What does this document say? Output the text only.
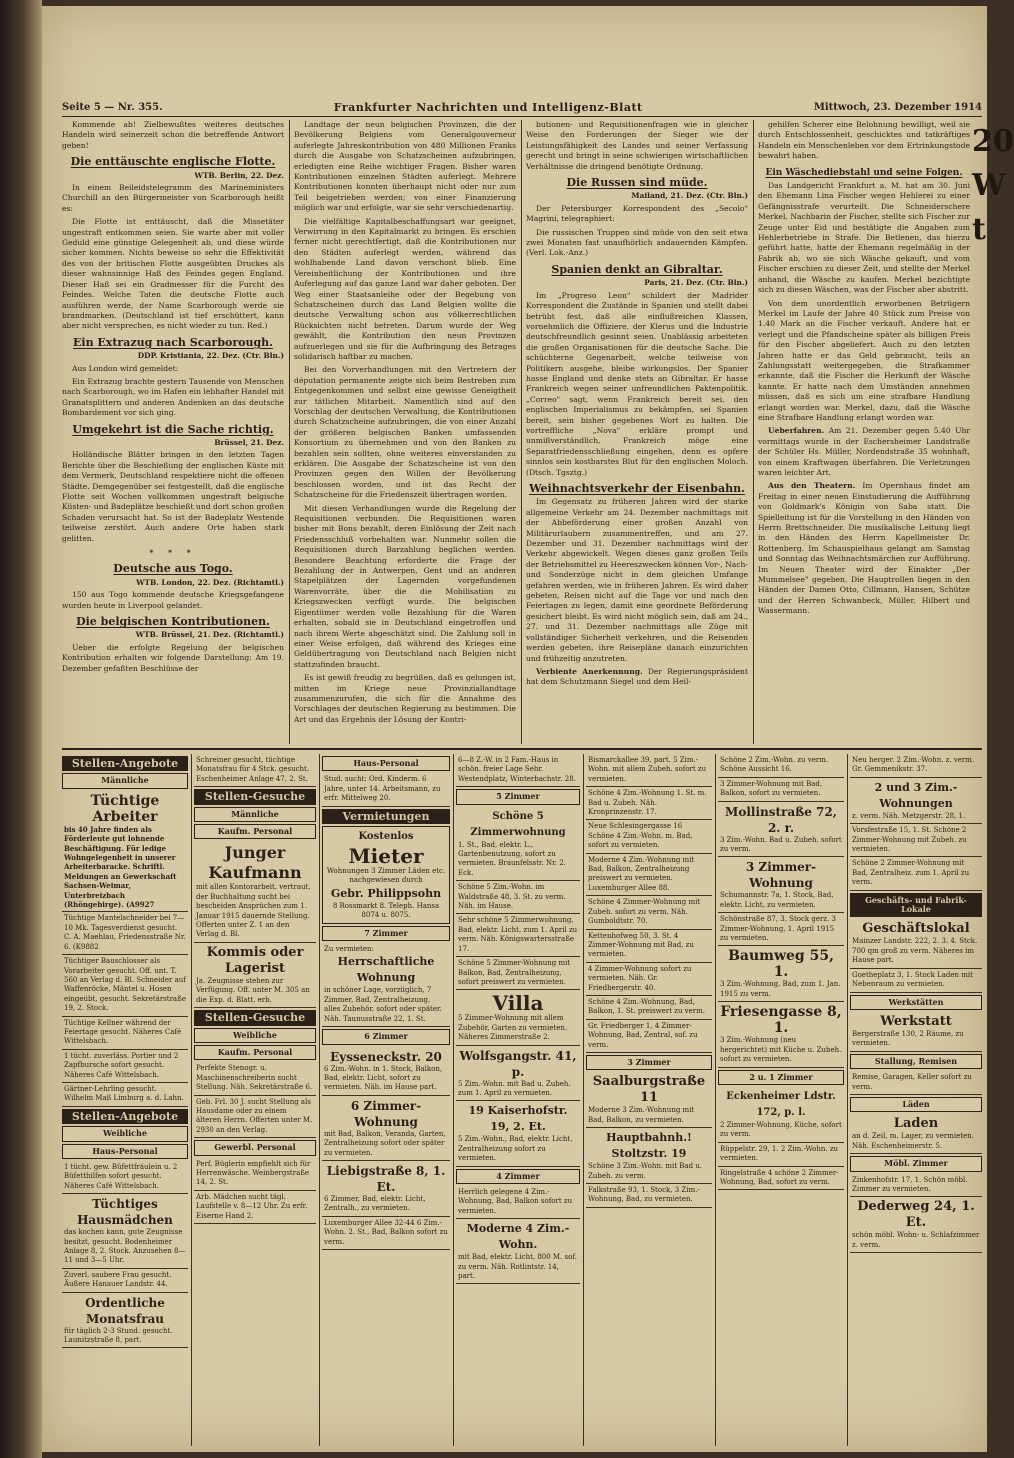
Seite 5 — Nr. 355.	Frankfurter Nachrichten und Intelligenz-Blatt	Mittwoch, 23. Dezember 1914

Kommende ab! Zielbewußtes weiteres deutsches Handeln wird seinerzeit schon die betreffende Antwort geben!

Die enttäuschte englische Flotte.
WTB. Berlin, 22. Dez.

In einem Beileidstelegramm des Marineministers Churchill an den Bürgermeister von Scarborough heißt es:

Die Flotte ist enttäuscht, daß die Missetäter ungestraft entkommen seien. Sie warte aber mit voller Geduld eine günstige Gelegenheit ab, und diese würde sicher kommen. Nichts beweise so sehr die Effektivität des von der britischen Flotte ausgeübten Druckes als dieser wahnsinnige Haß des Feindes gegen England. Dieser Haß sei ein Gradmesser für die Furcht des Feindes. Welche Taten die deutsche Flotte auch ausführen werde, der Name Scarborough werde sie brandmarken. (Deutschland ist tief erschüttert, kann aber nicht versprechen, es nicht wieder zu tun. Red.)

Ein Extrazug nach Scarborough.
DDP. Kristiania, 22. Dez. (Ctr. Bln.)

Aus London wird gemeldet:

Ein Extrazug brachte gestern Tausende von Menschen nach Scarborough, wo im Hafen ein lebhafter Handel mit Granatsplittern und anderen Andenken an das deutsche Bombardement vor sich ging.

Umgekehrt ist die Sache richtig.
Brüssel, 21. Dez.

Holländische Blätter bringen in den letzten Tagen Berichte über die Beschießung der englischen Küste mit dem Vermerk, Deutschland respektiere nicht die offenen Städte. Demgegenüber sei festgestellt, daß die englische Flotte seit Wochen vollkommen ungestraft belgische Küsten- und Badeplätze beschießt und dort schon großen Schaden verursacht hat. So ist der Badeplatz Westende teilweise zerstört. Auch andere Orte haben stark gelitten.

* * *
Deutsche aus Togo.
WTB. London, 22. Dez. (Richtamtl.)

150 aus Togo kommende deutsche Kriegsgefangene wurden heute in Liverpool gelandet.

Die belgischen Kontributionen.
WTB. Brüssel, 21. Dez. (Richtamtl.)

Ueber die erfolgte Regelung der belgischen Kontribution erhalten wir folgende Darstellung: Am 19. Dezember gefaßten Beschlüsse der

Landtage der neun belgischen Provinzen, die der Bevölkerung Belgiens vom Generalgouverneur auferlegte Jahreskontribution von 480 Millionen Franks durch die Ausgabe von Schatzscheinen aufzubringen, erledigten eine Reihe wichtiger Fragen. Bisher waren Kontributionen einzelnen Städten auferlegt. Mehrere Kontributionen konnten überhaupt nicht oder nur zum Teil beigetrieben werden; von einer Finanzierung möglich war und erfolgte, war sie sehr verschiedenartig.

Die vielfältige Kapitalbeschaffungsart war geeignet, Verwirrung in den Kapitalmarkt zu bringen. Es erschien ferner nicht gerechtfertigt, daß die Kontributionen nur den Städten auferlegt werden, während das wohlhabende Land davon verschont blieb. Eine Vereinheitlichung der Kontributionen und ihre Auferlegung auf das ganze Land war daher geboten. Der Weg einer Staatsanleihe oder der Begebung von Schatzscheinen durch das Land Belgien wollte die deutsche Verwaltung schon aus völkerrechtlichen Rücksichten nicht betreten. Darum wurde der Weg gewählt, die Kontribution den neun Provinzen aufzuerlegen und sie für die Aufbringung des Betrages solidarisch haftbar zu machen.

Bei den Vorverhandlungen mit den Vertretern der députation permanente zeigte sich beim Bestreben zum Entgegenkommen und selbst eine gewisse Geneigtheit zur tätlichen Mitarbeit. Namentlich sind auf den Vorschlag der deutschen Verwaltung, die Kontributionen durch Schatzscheine aufzubringen, die von einer Anzahl der größeren belgischen Banken umfassenden Konsortium zu übernehmen und von den Banken zu bezahlen sein sollten, ohne weiteres einverstanden zu erklären. Die Ausgabe der Schatzscheine ist von den Provinzen gegen den Willen der Bevölkerung beschlossen worden, und ist das Recht der Schatzscheine für die Friedenszeit übertragen worden.

Mit diesen Verhandlungen wurde die Regelung der Requisitionen verbunden. Die Requisitionen waren bisher mit Bons bezahlt, deren Einlösung der Zeit nach Friedensschluß vorbehalten war. Nunmehr sollen die Requisitionen durch Barzahlung beglichen werden. Besondere Beachtung erforderte die Frage der Bezahlung der in Antwerpen, Gent und an anderen Stapelplätzen der Lagernden vorgefundenen Warenvorräte, über die die Mobilisation zu Kriegszwecken verfügt wurde. Die belgischen Eigentümer werden volle Bezahlung für die Waren erhalten, sobald sie in Deutschland eingetroffen und nach ihrem Werte abgeschätzt sind. Die Zahlung soll in einer Weise erfolgen, daß während des Krieges eine Geldübertragung von Deutschland nach Belgien nicht stattzufinden braucht.

Es ist gewiß freudig zu begrüßen, daß es gelungen ist, mitten im Kriege neue Provinziallandtage zusammenzurufen, die sich für die Annahme des Vorschlages der deutschen Regierung zu bestimmen. Die Art und das Ergebnis der Lösung der Kontri-

butionen- und Requisitionenfragen wie in gleicher Weise den Forderungen der Sieger wie der Leistungsfähigkeit des Landes und seiner Verfassung gerecht und bringt in seine schwierigen wirtschaftlichen Verhältnisse die dringend benötigte Ordnung.

Die Russen sind müde.
Mailand, 21. Dez. (Ctr. Bln.)

Der Petersburger Korrespondent des „Secolo" Magrini, telegraphiert:

Die russischen Truppen sind müde von den seit etwa zwei Monaten fast unaufhörlich andauernden Kämpfen. (Verl. Lok.-Anz.)

Spanien denkt an Gibraltar.
Paris, 21. Dez. (Ctr. Bln.)

Im „Progreso Leon" schildert der Madrider Korrespondent die Zustände in Spanien und stellt dabei betrübt fest, daß alle einflußreichen Klassen, vornehmlich die Offiziere, der Klerus und die Industrie deutschfreundlich gesinnt seien. Unablässig arbeiteten die großen Organisationen für die deutsche Sache. Die schüchterne Gegenarbeit, welche teilweise von Politikern ausgehe, bleibe wirkungslos. Der Spanier hasse England und denke stets an Gibraltar. Er hasse Frankreich wegen seiner unfreundlichen Paktenpolitik. „Correo" sagt, wenn Frankreich bereit sei, den englischen Imperialismus zu bekämpfen, sei Spanien bereit, sein bisher gegebenes Wort zu halten. Die vortreffliche „Nova" erkläre prompt und unmißverständlich, Frankreich möge eine Separatfriedensschließung eingehen, denn es opfere sinnlos sein kostbarstes Blut für den englischen Moloch. (Dtsch. Tgsztg.)

Weihnachtsverkehr der Eisenbahn.

Im Gegensatz zu früheren Jahren wird der starke allgemeine Verkehr am 24. Dezember nachmittags mit der Abbeförderung einer großen Anzahl von Militärurlaubern zusammentreffen, und am 27. Dezember und 31. Dezember nachmittags wird der Verkehr abgewickelt. Wegen dieses ganz großen Teils der Betriebsmittel zu Heereszwecken können Vor-, Nach- und Sonderzüge nicht in dem gleichen Umfange gefahren werden, wie in früheren Jahren. Es wird daher gebeten, Reisen nicht auf die Tage vor und nach den Feiertagen zu legen, damit eine geordnete Beförderung gesichert bleibt. Es wird nicht möglich sein, daß am 24., 27. und 31. Dezember nachmittags alle Züge mit vollständiger Sicherheit verkehren, und die Reisenden werden gebeten, ihre Reisepläne danach einzurichten und frühzeitig anzutreten.

Verbiente Anerkennung. Der Regierungspräsident hat dem Schutzmann Siegel und dem Heil-

gehilfen Scherer eine Belohnung bewilligt, weil sie durch Entschlossenheit, geschicktes und tatkräftiges Handeln ein Menschenleben vor dem Ertrinkungstode bewahrt haben.

Ein Wäschediebstahl und seine Folgen.

Das Landgericht Frankfurt a. M. hat am 30. Juni den Ehemann Lina Fischer wegen Hehlerei zu einer Gefängnisstrafe verurteilt. Die Schneiderschere Merkel, Nachbarin der Fischer, stellte sich Fischer zur Zeuge unter Eid und bestätigte die Angaben zum Hehlerbetriebe in Strafe. Die Betlenen, das hierzu geführt hatte, hatte der Ehemann regelmäßig in der Fabrik ab, wo sie sich Wäsche gekauft, und vom Fischer erschien zu dieser Zeit, und stellte der Merkel anhand, die Wäsche zu kaufen. Merkel bezichtigte sich zu diesen Wäschen, was der Fischer aber abstritt.

Von dem unordentlich erworbenen Betrügern Merkel im Laufe der Jahre 40 Stück zum Preise von 1.40 Mark an die Fischer verkauft. Andere hat er verlegt und die Pfandscheine später als billigen Preis für den Fischer abgeliefert. Auch zu den letzten Jahren hatte er das Geld gebraucht, teils an Zahlungsstatt weitergegeben, die Strafkammer erkannte, daß die Fischer die Herkunft der Wäsche kannte. Er hatte nach dem Umständen annehmen müssen, daß es sich um eine strafbare Handlung erlangt worden war. Merkel, dazu, daß die Wäsche eine Strafbare Handlung erlangt worden war.

Ueberfahren. Am 21. Dezember gegen 5.40 Uhr vormittags wurde in der Eschersheimer Landstraße der Schüler Hs. Müller, Nordendstraße 35 wohnhaft, von einem Kraftwagen überfahren. Die Verletzungen waren leichter Art.

Aus den Theatern. Im Opernhaus findet am Freitag in einer neuen Einstudierung die Aufführung von Goldmark's Königin von Saba statt. Die Spielleitung ist für die Vorstellung in den Händen von Herrn Brettschneider. Die musikalische Leitung liegt in den Händen des Herrn Kapellmeister Dr. Rottenberg. Im Schauspielhaus gelangt am Samstag und Sonntag das Weihnachtsmärchen zur Aufführung. Im Neuen Theater wird der Einakter „Der Mummelsee" gegeben. Die Hauptrollen liegen in den Händen der Damen Otto, Cillmann, Hansen, Schütze und der Herren Schwanbeck, Müller, Hilbert und Wassermann.

20 W t
Stellen-Angebote
Männliche
Tüchtige Arbeiter

bis 40 Jahre finden als Förderleute gut lohnende Beschäftigung. Für ledige Wohngelegenheit in unserer Arbeiterbaracke. Schriftl. Meldungen an Gewerkschaft Sachsen-Weimar, Unterbreizbach (Rhöngebirge). (A9927

Tüchtige Mantelschneider bei 7—10 Mk. Tagesverdienst gesucht. C. A. Maehlau, Friedensstraße Nr. 6. (K9882

Tüchtiger Bauschlosser als Vorarbeiter gesucht. Off. unt. T. 560 an Verlag d. Bl. Schneider auf Waffenröcke, Mäntel u. Hosen eingeübt, gesucht. Sekretärstraße 19, 2. Stock.

Tüchtige Kellner während der Feiertage gesucht. Näheres Café Wittelsbach.

1 tücht. zuverläss. Portier und 2 Zapfbursche sofort gesucht. Näheres Café Wittelsbach.

Gärtner-Lehrling gesucht. Wilhelm Maß Limburg a. d. Lahn.

Stellen-Angebote
Weibliche
Haus-Personal

1 tücht. gew. Büfettfräulein u. 2 Büfetthilfen sofort gesucht. Näheres Café Wittelsbach.

Tüchtiges Hausmädchen

das kochen kann, gute Zeugnisse besitzt, gesucht. Bodenheimer Anlage 8, 2. Stock. Anzusehen 8—11 und 3—5 Uhr.

Zuverl. saubere Frau gesucht. Äußere Hanauer Landstr. 44.

Ordentliche Monatsfrau

für täglich 2-3 Stund. gesucht. Launitzstraße 8, part.

Schreiner gesucht, tüchtige Monatsfrau für 4 Stck. gesucht. Eschenheimer Anlage 47, 2. St.

Stellen-Gesuche
Männliche
Kaufm. Personal
Junger Kaufmann

mit allen Kontorarbeit. vertraut, der Buchhaltung sucht bei bescheiden Ansprüchen zum 1. Januar 1915 dauernde Stellung. Offerten unter Z. 1 an den Verlag d. Bl.

Kommis oder Lagerist

Ja. Zeugnisse stehen zur Verfügung. Off. unter M. 305 an die Exp. d. Blatt. erb.

Stellen-Gesuche
Weibliche
Kaufm. Personal

Perfekte Stenogr. u. Maschinenschreiberin sucht Stellung. Näh. Sekretärstraße 6.

Geb. Frl. 30 J. sucht Stellung als Hausdame oder zu einem älteren Herrn. Offerten unter M. 2930 an den Verlag.

Gewerbl. Personal

Perf. Büglerin empfiehlt sich für Herrenwäsche. Weinbergstraße 14, 2. St.

Arb. Mädchen sucht tägl. Laufstelle v. 8—12 Uhr. Zu erfr. Eiserne Hand 2.

Haus-Personal

Stud. sucht: Ord. Kinderm. 6 Jahre, unter 14. Arbeitsmann, zu erfr. Mittelweg 20.

Vermietungen
Kostenlos
Mieter

Wohnungen 3 Zimmer Läden etc. nachgewiesen durch

Gebr. Philippsohn

8 Rossmarkt 8. Teleph. Hansa 8074 u. 8075.

7 Zimmer

Zu vermieten:

Herrschaftliche Wohnung

in schöner Lage, vorzüglich, 7 Zimmer, Bad, Zentralheizung, alles Zubehör, sofort oder später. Näh. Taunusstraße 22, 1. St.

6 Zimmer
Eysseneckstr. 20

6 Zim.-Wohn. in 1. Stock, Balkon, Bad, elektr. Licht, sofort zu vermieten. Näh. im Hause part.

6 Zimmer-Wohnung

mit Bad, Balkon, Veranda, Garten, Zentralheizung sofort oder später zu vermieten.

Liebigstraße 8, 1. Et.

6 Zimmer, Bad, elektr. Licht, Zentralh., zu vermieten.

Luxemburger Allee 32-44 6 Zim.-Wohn. 2. St., Bad, Balkon sofort zu verm.

6—8 Z.-W. in 2 Fam.-Haus in schön. freier Lage Sehr. Westendplatz, Winterbachstr. 28.

5 Zimmer
Schöne 5 Zimmerwohnung

1. St., Bad, elektr. L., Gartenbenutzung, sofort zu vermieten. Braunfelsstr. Nr. 2. Eck.

Schöne 5 Zim.-Wohn. im Waldstraße 48, 3. St. zu verm. Näh. im Hause.

Sehr schöne 5 Zimmerwohnung, Bad, elektr. Licht, zum 1. April zu verm. Näh. Königswartersstraße 17.

Schöne 5 Zimmer-Wohnung mit Balkon, Bad, Zentralheizung, sofort preiswert zu vermieten.

Villa

5 Zimmer-Wohnung mit allem Zubehör, Garten zu vermieten. Näheres Zimmerstraße 2.

Wolfsgangstr. 41, p.

5 Zim.-Wohn. mit Bad u. Zubeh. zum 1. April zu vermieten.

19 Kaiserhofstr. 19, 2. Et.

5 Zim.-Wohn., Bad, elektr. Licht, Zentralheizung sofort zu vermieten.

4 Zimmer

Herrlich gelegene 4 Zim.-Wohnung, Bad, Balkon sofort zu vermieten.

Moderne 4 Zim.-Wohn.

mit Bad, elektr. Licht, 800 M. sof. zu verm. Näh. Rotlintstr. 14, part.

Bismarckallee 39, part. 5 Zim.-Wohn. mit allem Zubeh. sofort zu vermieten.

Schöne 4 Zim.-Wohnung 1. St. m. Bad u. Zubeh. Näh. Kronprinzenstr. 17.

Neue Schlesingergasse 16 Schöne 4 Zim.-Wohn. m. Bad, sofort zu vermieten.

Moderne 4 Zim.-Wohnung mit Bad, Balkon, Zentralheizung preiswert zu vermieten. Luxemburger Allee 88.

Schöne 4 Zimmer-Wohnung mit Zubeh. sofort zu verm. Näh. Gumboldtstr. 70.

Kettenhofweg 50, 3. St. 4 Zimmer-Wohnung mit Bad, zu vermieten.

4 Zimmer-Wohnung sofort zu vermieten. Näh. Gr. Friedbergerstr. 40.

Schöne 4 Zim.-Wohnung, Bad, Balkon, 1. St. preiswert zu verm.

Gr. Friedberger 1, 4 Zimmer-Wohnung, Bad, Zentral, sof. zu verm.

3 Zimmer
Saalburgstraße 11

Moderne 3 Zim.-Wohnung mit Bad, Balkon, zu vermieten.

Hauptbahnh.! Stoltzstr. 19

Schöne 3 Zim.-Wohn. mit Bad u. Zubeh. zu verm.

Falkstraße 93, 1. Stock, 3 Zim.-Wohnung, Bad, zu vermieten.

Schöne 2 Zim.-Wohn. zu verm. Schöne Aussicht 16.

3 Zimmer-Wohnung mit Bad, Balkon, sofort zu vermieten.

Mollinstraße 72, 2. r.

3 Zim.-Wohn. Bad u. Zubeh. sofort zu verm.

3 Zimmer-Wohnung

Schumannstr. 7a, 1. Stock, Bad, elektr. Licht, zu vermieten.

Schönstraße 87, 3. Stock gerz. 3 Zimmer-Wohnung, 1. April 1915 zu vermieten.

Baumweg 55, 1.

3 Zim.-Wohnung, Bad, zum 1. Jan. 1915 zu verm.

Friesengasse 8, 1.

3 Zim.-Wohnung (neu hergerichtet) mit Küche u. Zubeh. sofort zu vermieten.

2 u. 1 Zimmer
Eckenheimer Ldstr. 172, p. l.

2 Zimmer-Wohnung, Küche, sofort zu verm.

Rüppelstr. 29, 1. 2 Zim.-Wohn. zu vermieten.

Ringelstraße 4 schöne 2 Zimmer-Wohnung, Bad, sofort zu verm.

Neu herger. 2 Zim.-Wohn. z. verm. Gr. Gemmenikstr. 37.

2 und 3 Zim.-Wohnungen

z. verm. Näh. Metzgerstr. 28, 1.

Vorsfestraße 15, 1. St. Schöne 2 Zimmer-Wohnung mit Zubeh. zu vermieten.

Schöne 2 Zimmer-Wohnung mit Bad, Zentralheiz. zum 1. April zu verm.

Geschäfts- und Fabrik-Lokale
Geschäftslokal

Mainzer Landstr. 222, 2. 3. 4. Stck. 700 qm groß zu verm. Näheres im Hause part.

Goetheplatz 3, 1. Stock Laden mit Nebenraum zu vermieten.

Werkstätten
Werkstatt

Bergerstraße 130, 2 Räume, zu vermieten.

Stallung, Remisen

Remise, Garagen, Keller sofort zu verm.

Läden
Laden

an d. Zeil, m. Lager, zu vermieten. Näh. Eschenheimerstr. 5.

Möbl. Zimmer

Zinkenhofstr. 17, 1. Schön möbl. Zimmer zu vermieten.

Dederweg 24, 1. Et.

schön möbl. Wohn- u. Schlafzimmer z. verm.
